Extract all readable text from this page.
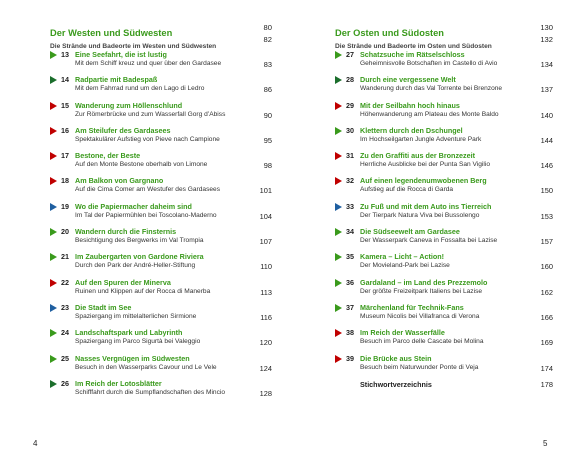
Der Westen und Südwesten
80
Die Strände und Badeorte im Westen und Südwesten
82
13 Eine Seefahrt, die ist lustig
Mit dem Schiff kreuz und quer über den Gardasee	83
14 Radpartie mit Badespaß
Mit dem Fahrrad rund um den Lago di Ledro	86
15 Wanderung zum Höllenschlund
Zur Römerbrücke und zum Wasserfall Gorg d’Abiss	90
16 Am Steilufer des Gardasees
Spektakulärer Aufstieg von Pieve nach Campione	95
17 Bestone, der Beste
Auf den Monte Bestone oberhalb von Limone	98
18 Am Balkon von Gargnano
Auf die Cima Comer am Westufer des Gardasees	101
19 Wo die Papiermacher daheim sind
Im Tal der Papiermühlen bei Toscolano-Maderno	104
20 Wandern durch die Finsternis
Besichtigung des Bergwerks im Val Trompia	107
21 Im Zaubergarten von Gardone Riviera
Durch den Park der André-Heller-Stiftung	110
22 Auf den Spuren der Minerva
Ruinen und Klippen auf der Rocca di Manerba	113
23 Die Stadt im See
Spaziergang im mittelalterlichen Sirmione	116
24 Landschaftspark und Labyrinth
Spaziergang im Parco Sigurtà bei Valeggio	120
25 Nasses Vergnügen im Südwesten
Besuch in den Wasserparks Cavour und Le Vele	124
26 Im Reich der Lotosblätter
Schifffahrt durch die Sumpflandschaften des Mincio	128
Der Osten und Südosten
130
Die Strände und Badeorte im Osten und Südosten
132
27 Schatzsuche im Rätselschloss
Geheimnisvolle Botschaften im Castello di Avio	134
28 Durch eine vergessene Welt
Wanderung durch das Val Torrente bei Brenzone	137
29 Mit der Seilbahn hoch hinaus
Höhenwanderung am Plateau des Monte Baldo	140
30 Klettern durch den Dschungel
Im Hochseilgarten Jungle Adventure Park	144
31 Zu den Graffiti aus der Bronzezeit
Herrliche Ausblicke bei der Punta San Vigilio	146
32 Auf einen legendenumwobenen Berg
Aufstieg auf die Rocca di Garda	150
33 Zu Fuß und mit dem Auto ins Tierreich
Der Tierpark Natura Viva bei Bussolengo	153
34 Die Südseewelt am Gardasee
Der Wasserpark Caneva in Fossalta bei Lazise	157
35 Kamera – Licht – Action!
Der Movieland-Park bei Lazise	160
36 Gardaland – im Land des Prezzemolo
Der größte Freizeitpark Italiens bei Lazise	162
37 Märchenland für Technik-Fans
Museum Nicolis bei Villafranca di Verona	166
38 Im Reich der Wasserfälle
Besuch im Parco delle Cascate bei Molina	169
39 Die Brücke aus Stein
Besuch beim Naturwunder Ponte di Veja	174
Stichwortverzeichnis	178
4	5
